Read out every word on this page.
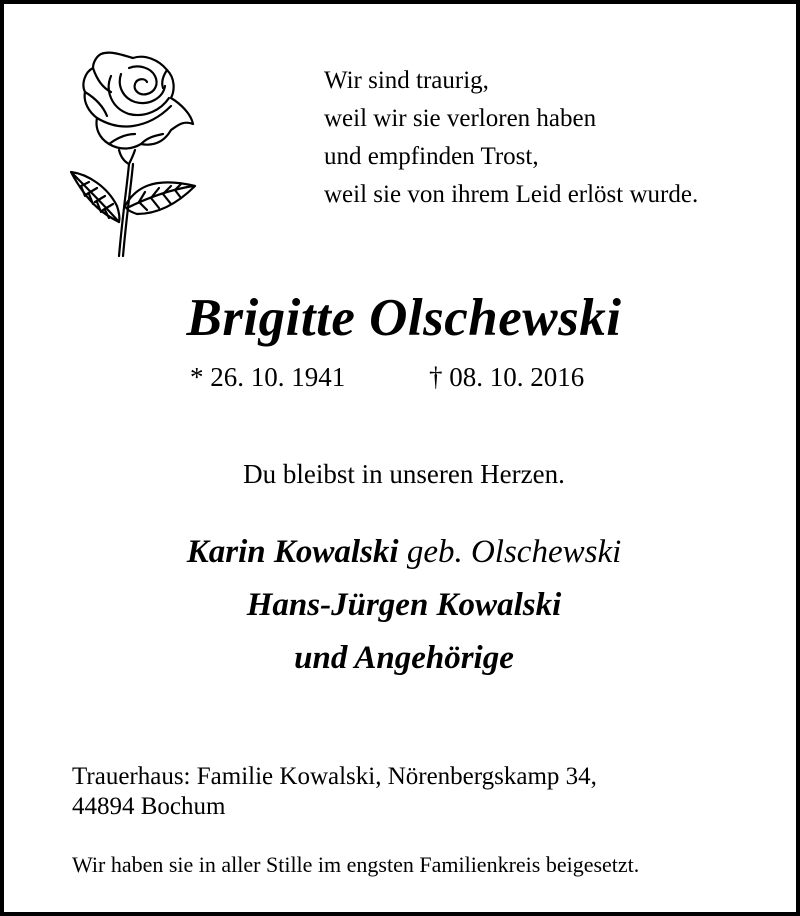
Wir sind traurig,
weil wir sie verloren haben
und empfinden Trost,
weil sie von ihrem Leid erlöst wurde.
Brigitte Olschewski
* 26. 10. 1941	† 08. 10. 2016
Du bleibst in unseren Herzen.
Karin Kowalski geb. Olschewski
Hans-Jürgen Kowalski
und Angehörige
Trauerhaus: Familie Kowalski, Nörenbergskamp 34,
44894 Bochum
Wir haben sie in aller Stille im engsten Familienkreis beigesetzt.
